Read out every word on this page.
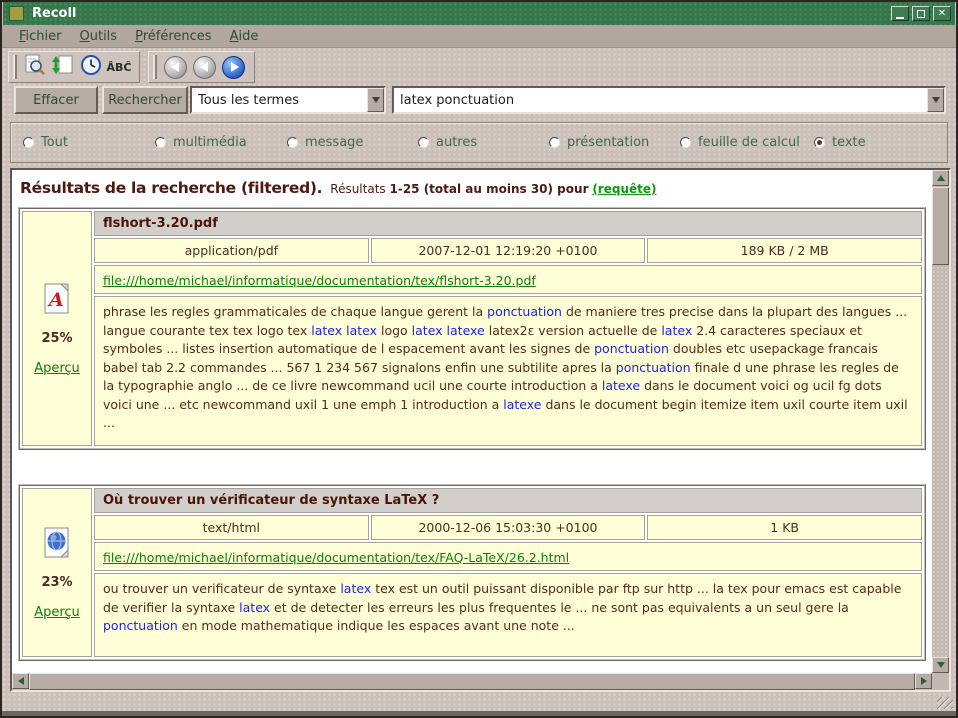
Recoll	✕
Fichier	Outils	Préférences	Aide
ÂBĈ
Effacer	Rechercher	Tous les termes
latex ponctuation
Tout	multimédia	message	autres	présentation	feuille de calcul texte
Résultats de la recherche (filtered). Résultats 1-25 (total au moins 30) pour (requête)
A
25%
Aperçu
flshort-3.20.pdf
application/pdf	2007-12-01 12:19:20 +0100	189 KB / 2 MB
file:///home/michael/informatique/documentation/tex/flshort-3.20.pdf
phrase les regles grammaticales de chaque langue gerent la ponctuation de maniere tres precise dans la plupart des langues ... langue courante tex tex logo tex latex latex logo latex latexe latex2ε version actuelle de latex 2.4 caracteres speciaux et symboles ... listes insertion automatique de l espacement avant les signes de ponctuation doubles etc usepackage francais babel tab 2.2 commandes ... 567 1 234 567 signalons enfin une subtilite apres la ponctuation finale d une phrase les regles de la typographie anglo ... de ce livre newcommand ucil une courte introduction a latexe dans le document voici og ucil fg dots voici une ... etc newcommand uxil 1 une emph 1 introduction a latexe dans le document begin itemize item uxil courte item uxil ...
23%
Aperçu
Où trouver un vérificateur de syntaxe LaTeX ?
text/html	2000-12-06 15:03:30 +0100	1 KB
file:///home/michael/informatique/documentation/tex/FAQ-LaTeX/26.2.html
ou trouver un verificateur de syntaxe latex tex est un outil puissant disponible par ftp sur http ... la tex pour emacs est capable de verifier la syntaxe latex et de detecter les erreurs les plus frequentes le ... ne sont pas equivalents a un seul gere la ponctuation en mode mathematique indique les espaces avant une note ...
